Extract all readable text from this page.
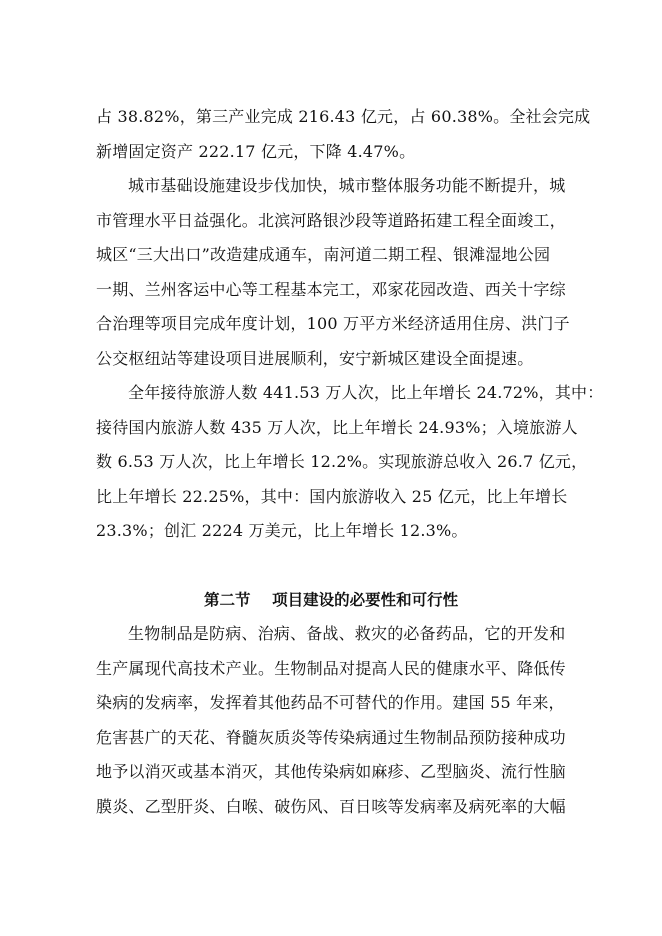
占 38.82%，第三产业完成 216.43 亿元，占 60.38%。全社会完成
新增固定资产 222.17 亿元，下降 4.47%。
城市基础设施建设步伐加快，城市整体服务功能不断提升，城
市管理水平日益强化。北滨河路银沙段等道路拓建工程全面竣工，
城区“三大出口”改造建成通车，南河道二期工程、银滩湿地公园
一期、兰州客运中心等工程基本完工，邓家花园改造、西关十字综
合治理等项目完成年度计划，100 万平方米经济适用住房、洪门子
公交枢纽站等建设项目进展顺利，安宁新城区建设全面提速。
全年接待旅游人数 441.53 万人次，比上年增长 24.72%，其中：
接待国内旅游人数 435 万人次，比上年增长 24.93%；入境旅游人
数 6.53 万人次，比上年增长 12.2%。实现旅游总收入 26.7 亿元，
比上年增长 22.25%，其中：国内旅游收入 25 亿元，比上年增长
23.3%；创汇 2224 万美元，比上年增长 12.3%。
第二节    项目建设的必要性和可行性
生物制品是防病、治病、备战、救灾的必备药品，它的开发和
生产属现代高技术产业。生物制品对提高人民的健康水平、降低传
染病的发病率，发挥着其他药品不可替代的作用。建国 55 年来，
危害甚广的天花、脊髓灰质炎等传染病通过生物制品预防接种成功
地予以消灭或基本消灭，其他传染病如麻疹、乙型脑炎、流行性脑
膜炎、乙型肝炎、白喉、破伤风、百日咳等发病率及病死率的大幅
